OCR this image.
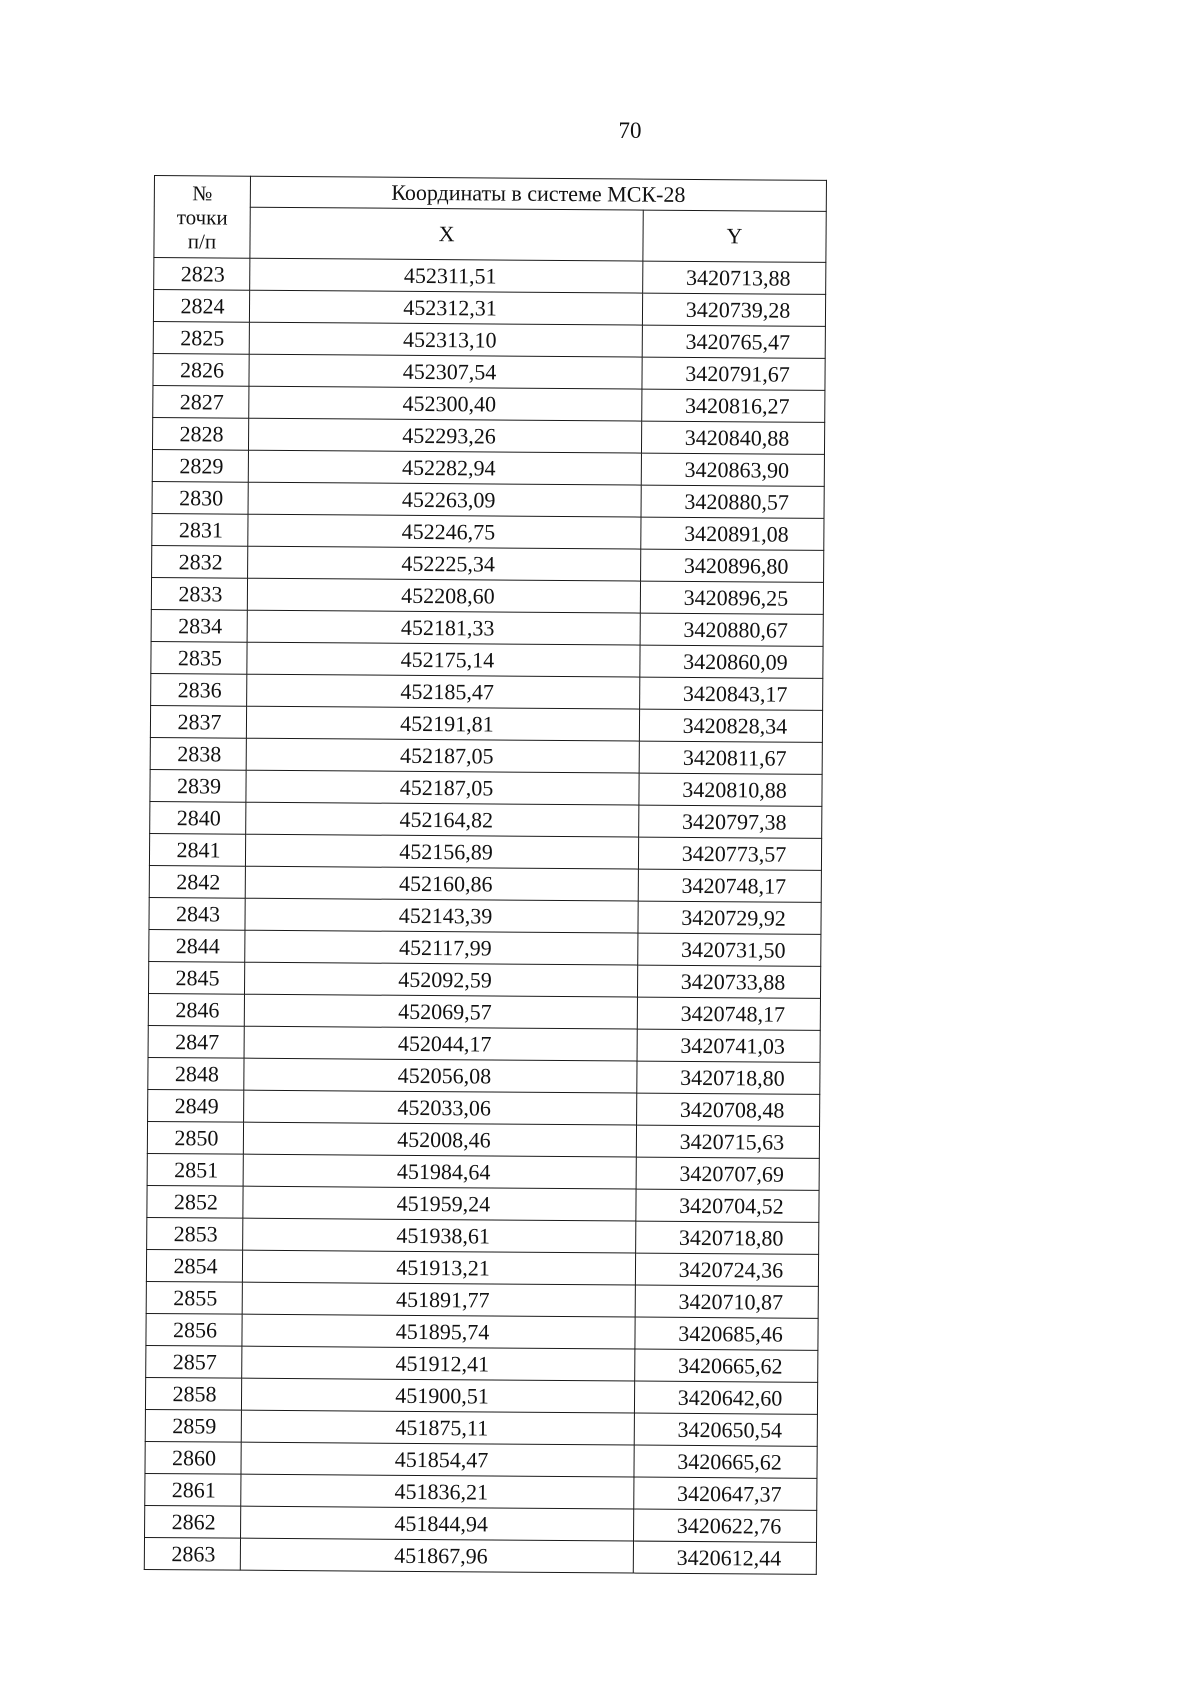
70
№
точки
п/п	Координаты в системе МСК-28	
	X	Y
2823	452311,51	3420713,88
2824	452312,31	3420739,28
2825	452313,10	3420765,47
2826	452307,54	3420791,67
2827	452300,40	3420816,27
2828	452293,26	3420840,88
2829	452282,94	3420863,90
2830	452263,09	3420880,57
2831	452246,75	3420891,08
2832	452225,34	3420896,80
2833	452208,60	3420896,25
2834	452181,33	3420880,67
2835	452175,14	3420860,09
2836	452185,47	3420843,17
2837	452191,81	3420828,34
2838	452187,05	3420811,67
2839	452187,05	3420810,88
2840	452164,82	3420797,38
2841	452156,89	3420773,57
2842	452160,86	3420748,17
2843	452143,39	3420729,92
2844	452117,99	3420731,50
2845	452092,59	3420733,88
2846	452069,57	3420748,17
2847	452044,17	3420741,03
2848	452056,08	3420718,80
2849	452033,06	3420708,48
2850	452008,46	3420715,63
2851	451984,64	3420707,69
2852	451959,24	3420704,52
2853	451938,61	3420718,80
2854	451913,21	3420724,36
2855	451891,77	3420710,87
2856	451895,74	3420685,46
2857	451912,41	3420665,62
2858	451900,51	3420642,60
2859	451875,11	3420650,54
2860	451854,47	3420665,62
2861	451836,21	3420647,37
2862	451844,94	3420622,76
2863	451867,96	3420612,44
